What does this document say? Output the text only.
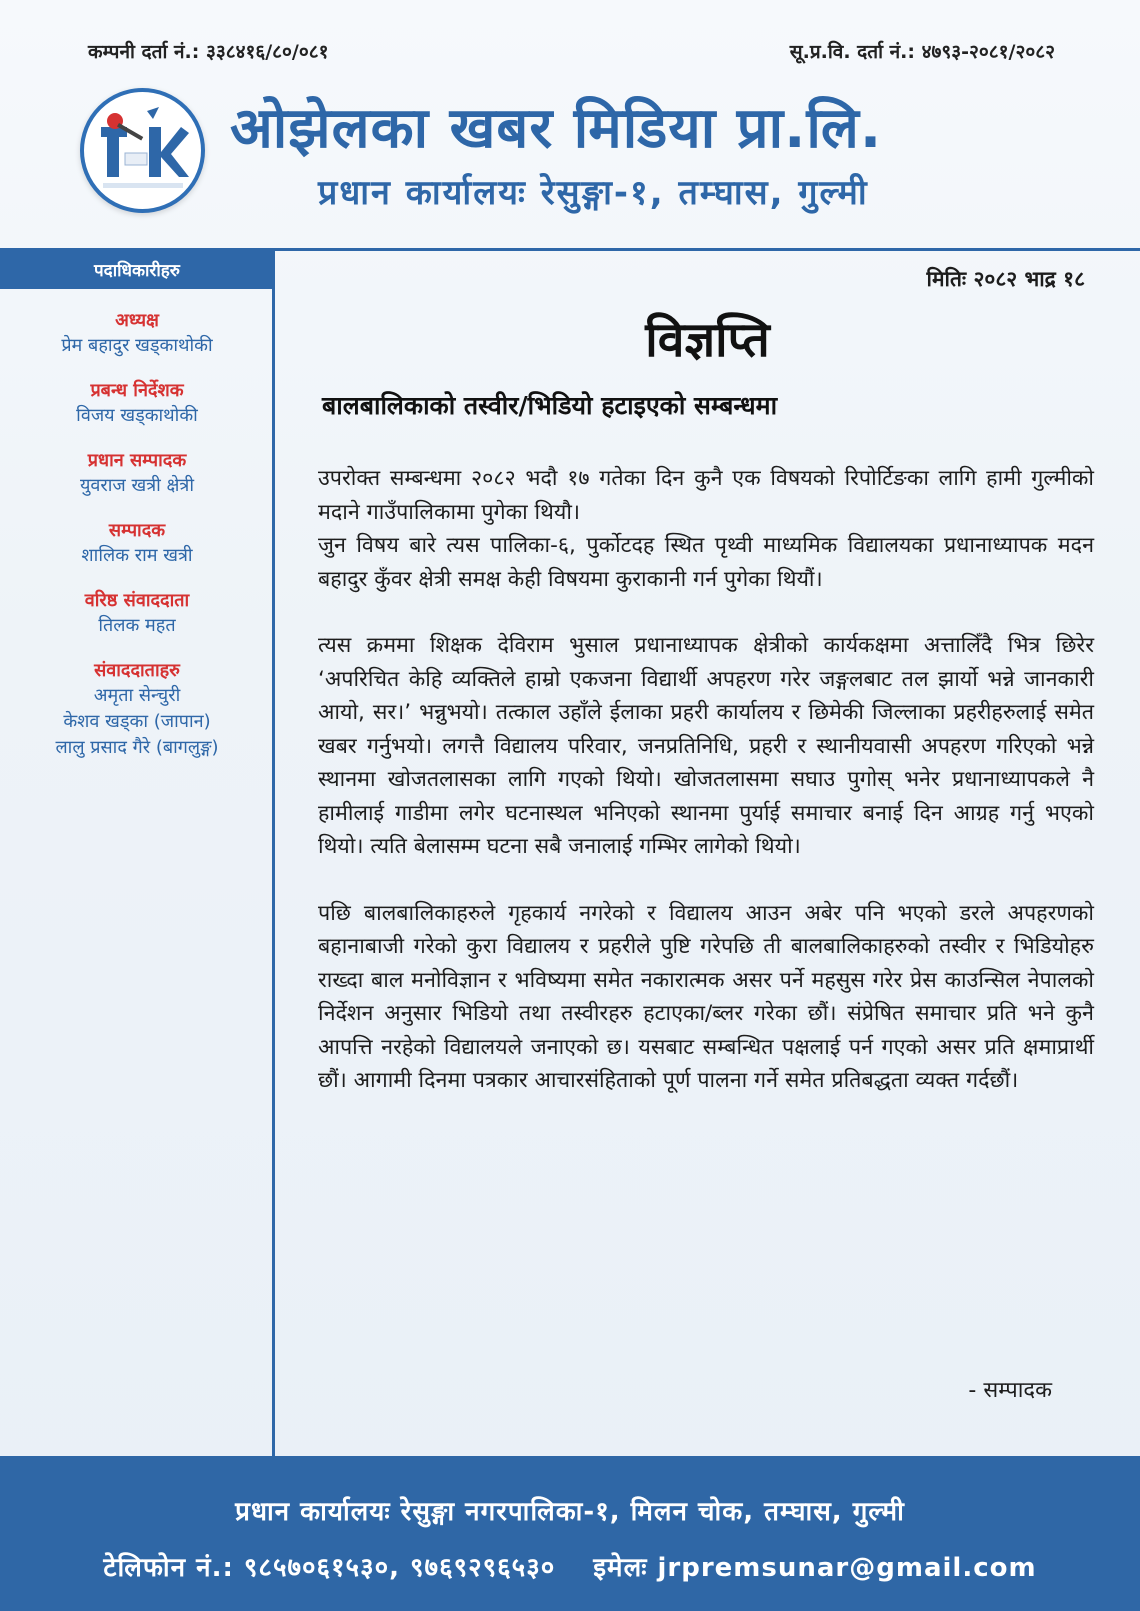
कम्पनी दर्ता नं.: ३३८४१६/८०/०८१	सू.प्र.वि. दर्ता नं.: ४७९३-२०८१/२०८२
ओझेलका खबर मिडिया प्रा.लि.
प्रधान कार्यालयः रेसुङ्गा-१, तम्घास, गुल्मी
पदाधिकारीहरु
अध्यक्ष
प्रेम बहादुर खड्काथोकी
प्रबन्ध निर्देशक
विजय खड्काथोकी
प्रधान सम्पादक
युवराज खत्री क्षेत्री
सम्पादक
शालिक राम खत्री
वरिष्ठ संवाददाता
तिलक महत
संवाददाताहरु
अमृता सेन्चुरी
केशव खड्का (जापान)
लालु प्रसाद गैरे (बागलुङ्ग)
मितिः २०८२ भाद्र १८
विज्ञप्ति
बालबालिकाको तस्वीर/भिडियो हटाइएको सम्बन्धमा

उपरोक्त सम्बन्धमा २०८२ भदौ १७ गतेका दिन कुनै एक विषयको रिपोर्टिङका लागि हामी गुल्मीको मदाने गाउँपालिकामा पुगेका थियौ।

जुन विषय बारे त्यस पालिका-६, पुर्कोटदह स्थित पृथ्वी माध्यमिक विद्यालयका प्रधानाध्यापक मदन बहादुर कुँवर क्षेत्री समक्ष केही विषयमा कुराकानी गर्न पुगेका थियौं।

त्यस क्रममा शिक्षक देविराम भुसाल प्रधानाध्यापक क्षेत्रीको कार्यकक्षमा अत्तालिँदै भित्र छिरेर ‘अपरिचित केहि व्यक्तिले हाम्रो एकजना विद्यार्थी अपहरण गरेर जङ्गलबाट तल झार्यो भन्ने जानकारी आयो, सर।’ भन्नुभयो। तत्काल उहाँले ईलाका प्रहरी कार्यालय र छिमेकी जिल्लाका प्रहरीहरुलाई समेत खबर गर्नुभयो। लगत्तै विद्यालय परिवार, जनप्रतिनिधि, प्रहरी र स्थानीयवासी अपहरण गरिएको भन्ने स्थानमा खोजतलासका लागि गएको थियो। खोजतलासमा सघाउ पुगोस् भनेर प्रधानाध्यापकले नै हामीलाई गाडीमा लगेर घटनास्थल भनिएको स्थानमा पुर्याई समाचार बनाई दिन आग्रह गर्नु भएको थियो। त्यति बेलासम्म घटना सबै जनालाई गम्भिर लागेको थियो।

पछि बालबालिकाहरुले गृहकार्य नगरेको र विद्यालय आउन अबेर पनि भएको डरले अपहरणको बहानाबाजी गरेको कुरा विद्यालय र प्रहरीले पुष्टि गरेपछि ती बालबालिकाहरुको तस्वीर र भिडियोहरु राख्दा बाल मनोविज्ञान र भविष्यमा समेत नकारात्मक असर पर्ने महसुस गरेर प्रेस काउन्सिल नेपालको निर्देशन अनुसार भिडियो तथा तस्वीरहरु हटाएका/ब्लर गरेका छौं। संप्रेषित समाचार प्रति भने कुनै आपत्ति नरहेको विद्यालयले जनाएको छ। यसबाट सम्बन्धित पक्षलाई पर्न गएको असर प्रति क्षमाप्रार्थी छौं। आगामी दिनमा पत्रकार आचारसंहिताको पूर्ण पालना गर्ने समेत प्रतिबद्धता व्यक्त गर्दछौं।

- सम्पादक
प्रधान कार्यालयः रेसुङ्गा नगरपालिका-१, मिलन चोक, तम्घास, गुल्मी
टेलिफोन नं.: ९८५७०६१५३०, ९७६९२९६५३० इमेलः jrpremsunar@gmail.com
